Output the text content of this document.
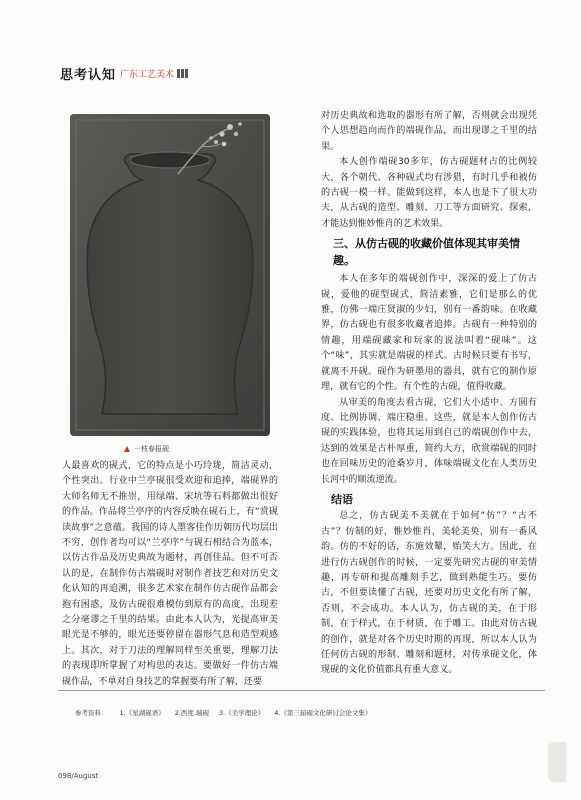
思考认知 广东工艺美术
一枝春报砚

人最喜欢的砚式，它的特点是小巧玲珑，简洁灵动，个性突出。行业中兰亭砚很受欢迎和追捧，端砚界的大师名师无不推崇，用绿端、宋坑等石料都做出很好的作品。作品将兰亭序的内容反映在砚石上，有“赏砚读故事”之意蕴。我国的诗人墨客佳作历朝历代均层出不穷，创作者均可以“兰亭序”与砚石相结合为蓝本，以仿古作品及历史典故为题材，再创佳品。但不可否认的是，在制作仿古端砚时对制作者技艺和对历史文化认知的再追溯，很多艺术家在制作仿古砚作品都会抱有困惑，及仿古砚很难模仿到原有的高度，出现差之分毫谬之千里的结果。由此本人认为，光提高审美眼光是不够的，眼光还要停留在器形气息和造型观感上。其次，对于刀法的理解同样至关重要，理解刀法的表现即所掌握了对构思的表达。要做好一件仿古端砚作品，不单对自身技艺的掌握要有所了解，还要

对历史典故和选取的器形有所了解，否则就会出现凭个人思想趋向而作的端砚作品，而出现谬之千里的结果。

本人创作端砚30多年，仿古砚题材占的比例较大，各个朝代、各种砚式均有涉猎，有时几乎和被仿的古砚一模一样。能做到这样，本人也是下了很大功夫，从古砚的造型、雕刻、刀工等方面研究、探索，才能达到惟妙惟肖的艺术效果。

三、从仿古砚的收藏价值体现其审美情趣。

本人在多年的端砚创作中，深深的爱上了仿古砚，爱他的砚型砚式，简洁素雅，它们是那么的优雅，仿佛一端庄贤淑的少妇，别有一番韵味。在收藏界，仿古砚也有很多收藏者追捧。古砚有一种特别的情趣，用端砚藏家和玩家的说法叫着“砚味”。这个“味”，其实就是端砚的样式。古时候只要有书写，就离不开砚。砚作为研墨用的器具，就有它的制作原理，就有它的个性。有个性的古砚，值得收藏。

从审美的角度去看古砚，它们大小适中、方圆有度、比例协调、端庄稳重。这些，就是本人创作仿古砚的实践体验，也将其运用到自己的端砚创作中去，达到的效果是古朴厚重，简约大方，欣赏端砚的同时也在回味历史的沧桑岁月，体味端砚文化在人类历史长河中的顺流逆流。

结语

总之，仿古砚美不美就在于如何“仿”？“古不古”？仿制的好，惟妙惟肖，美轮美奂，别有一番风韵。仿的不好的话，东施效颦，贻笑大方。因此，在进行仿古砚创作的时候，一定要先研究古砚的审美情趣，再专研和提高雕刻手艺，做到熟能生巧。要仿古，不但要读懂了古砚，还要对历史文化有所了解，否则，不会成功。本人认为，仿古砚的美，在于形制，在于样式，在于材质，在于雕工。由此对仿古砚的创作，就是对各个历史时期的再现，所以本人认为任何仿古砚的形制、雕刻和题材，对传承砚文化，体现砚的文化价值都具有重大意义。

参考资料： 1.《星湖砚语》 2.西度.端砚 3.《美学理论》 4.《第三届砚文化研讨会论文集》
098/August
